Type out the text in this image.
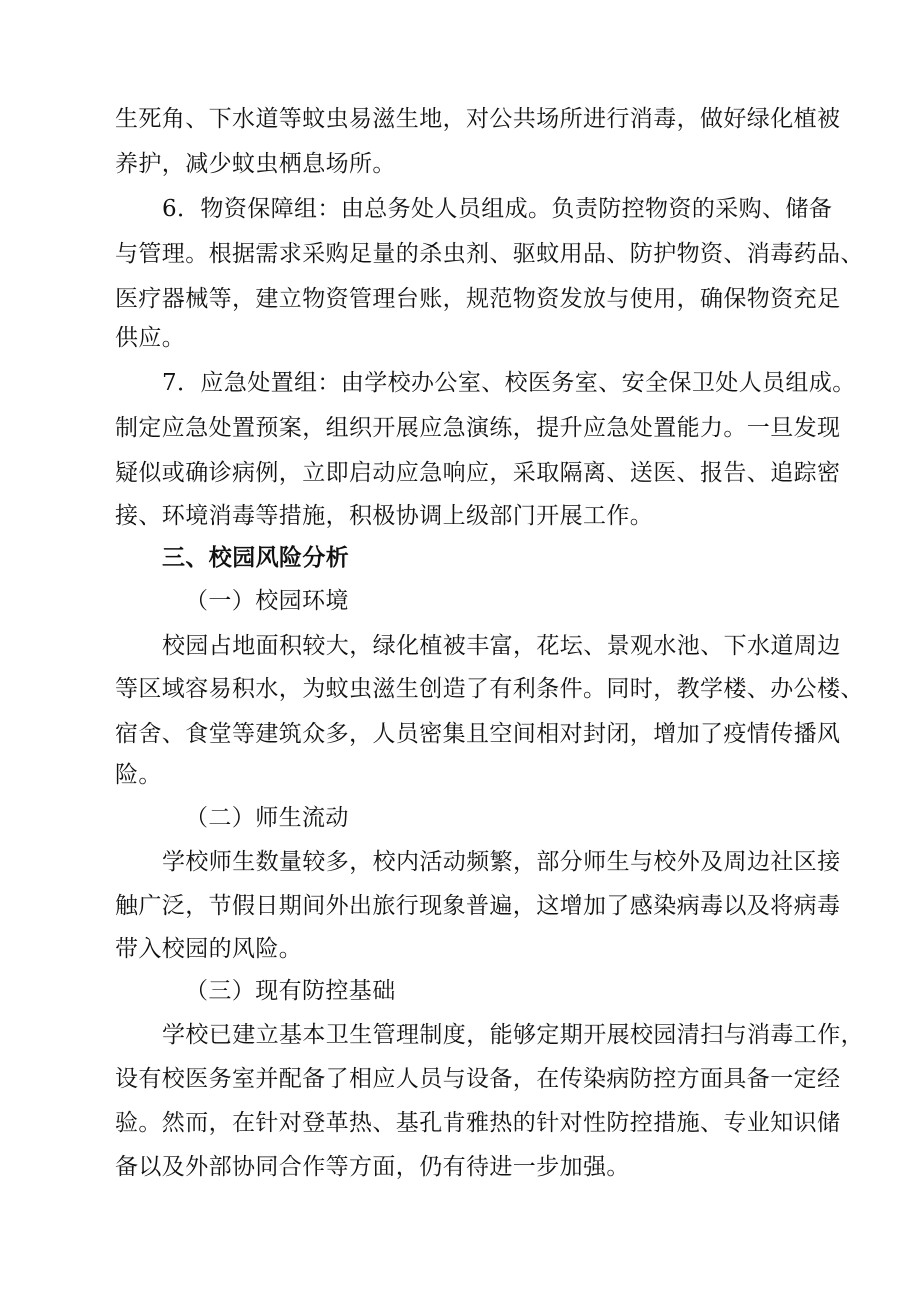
生死角、下水道等蚊虫易滋生地，对公共场所进行消毒，做好绿化植被
养护，减少蚊虫栖息场所。
6．物资保障组：由总务处人员组成。负责防控物资的采购、储备
与管理。根据需求采购足量的杀虫剂、驱蚊用品、防护物资、消毒药品、
医疗器械等，建立物资管理台账，规范物资发放与使用，确保物资充足
供应。
7．应急处置组：由学校办公室、校医务室、安全保卫处人员组成。
制定应急处置预案，组织开展应急演练，提升应急处置能力。一旦发现
疑似或确诊病例，立即启动应急响应，采取隔离、送医、报告、追踪密
接、环境消毒等措施，积极协调上级部门开展工作。
三、校园风险分析
（一）校园环境
校园占地面积较大，绿化植被丰富，花坛、景观水池、下水道周边
等区域容易积水，为蚊虫滋生创造了有利条件。同时，教学楼、办公楼、
宿舍、食堂等建筑众多，人员密集且空间相对封闭，增加了疫情传播风
险。
（二）师生流动
学校师生数量较多，校内活动频繁，部分师生与校外及周边社区接
触广泛，节假日期间外出旅行现象普遍，这增加了感染病毒以及将病毒
带入校园的风险。
（三）现有防控基础
学校已建立基本卫生管理制度，能够定期开展校园清扫与消毒工作，
设有校医务室并配备了相应人员与设备，在传染病防控方面具备一定经
验。然而，在针对登革热、基孔肯雅热的针对性防控措施、专业知识储
备以及外部协同合作等方面，仍有待进一步加强。
